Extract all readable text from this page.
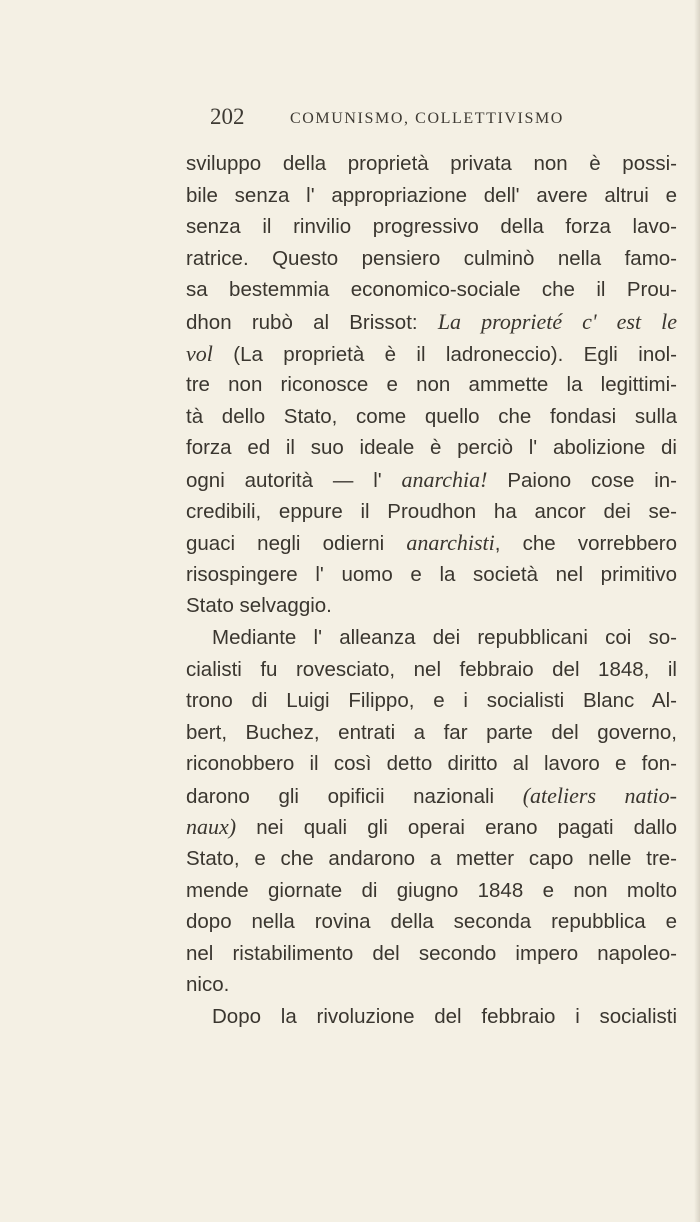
202	COMUNISMO, COLLETTIVISMO
sviluppo della proprietà privata non è possi-
bile senza l' appropriazione dell' avere altrui e
senza il rinvilio progressivo della forza lavo-
ratrice. Questo pensiero culminò nella famo-
sa bestemmia economico-sociale che il Prou-
dhon rubò al Brissot: La proprieté c' est le
vol (La proprietà è il ladroneccio). Egli inol-
tre non riconosce e non ammette la legittimi-
tà dello Stato, come quello che fondasi sulla
forza ed il suo ideale è perciò l' abolizione di
ogni autorità — l' anarchia! Paiono cose in-
credibili, eppure il Proudhon ha ancor dei se-
guaci negli odierni anarchisti, che vorrebbero
risospingere l' uomo e la società nel primitivo
Stato selvaggio.
Mediante l' alleanza dei repubblicani coi so-
cialisti fu rovesciato, nel febbraio del 1848, il
trono di Luigi Filippo, e i socialisti Blanc Al-
bert, Buchez, entrati a far parte del governo,
riconobbero il così detto diritto al lavoro e fon-
darono gli opificii nazionali (ateliers natio-
naux) nei quali gli operai erano pagati dallo
Stato, e che andarono a metter capo nelle tre-
mende giornate di giugno 1848 e non molto
dopo nella rovina della seconda repubblica e
nel ristabilimento del secondo impero napoleo-
nico.
Dopo la rivoluzione del febbraio i socialisti
